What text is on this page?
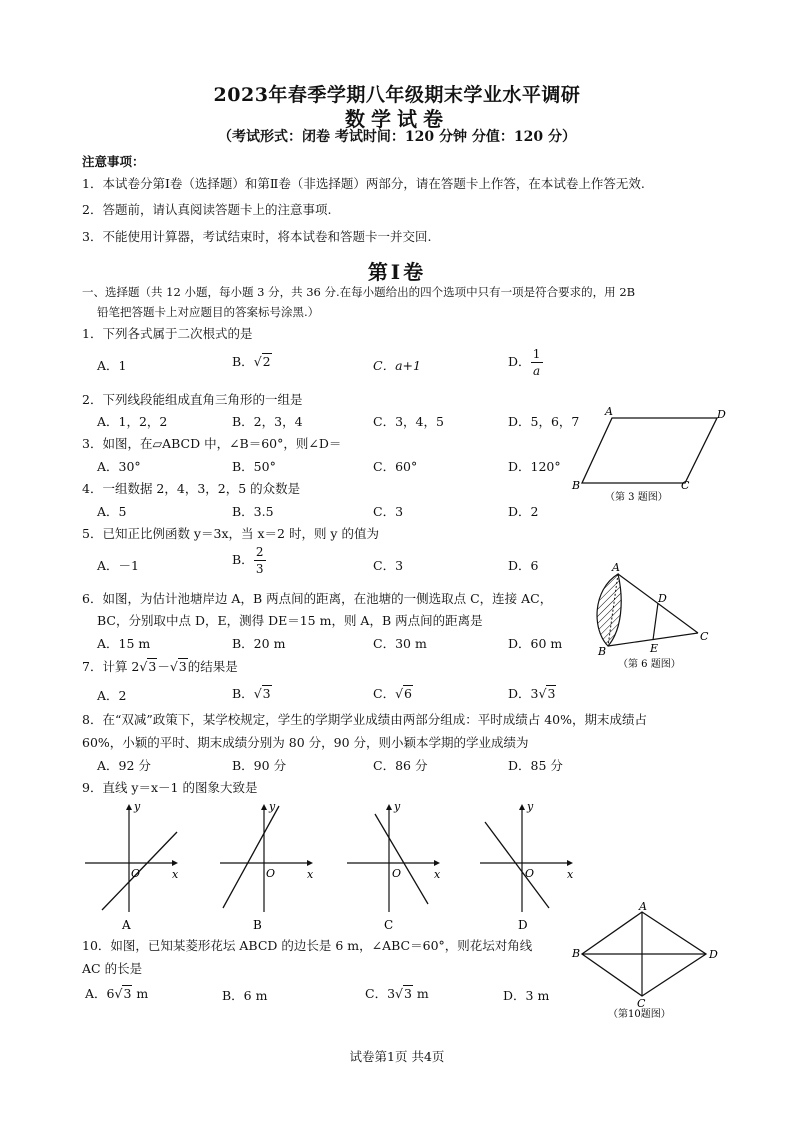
2023年春季学期八年级期末学业水平调研
数学试卷
（考试形式：闭卷 考试时间：120 分钟 分值：120 分）
注意事项：
1．本试卷分第Ⅰ卷（选择题）和第Ⅱ卷（非选择题）两部分，请在答题卡上作答，在本试卷上作答无效.
2．答题前，请认真阅读答题卡上的注意事项.
3．不能使用计算器，考试结束时，将本试卷和答题卡一并交回.
第Ⅰ卷
一、选择题（共 12 小题，每小题 3 分，共 36 分.在每小题给出的四个选项中只有一项是符合要求的，用 2B
铅笔把答题卡上对应题目的答案标号涂黑.）
1．下列各式属于二次根式的是
A．1	B．√2	C．a+1	D． $\frac{1}{a}$
2．下列线段能组成直角三角形的一组是
A．1，2，2	B．2，3，4	C．3，4，5	D．5，6，7
3．如图，在▱ABCD 中，∠B＝60°，则∠D＝
A．30°	B．50°	C．60°	D．120°
A	D
B	C
（第 3 题图）
4．一组数据 2，4，3，2，5 的众数是
A．5	B．3.5	C．3	D．2
5．已知正比例函数 y＝3x，当 x＝2 时，则 y 的值为
A．－1	B． $\frac{2}{3}$	C．3	D．6
6．如图，为估计池塘岸边 A，B 两点间的距离，在池塘的一侧选取点 C，连接 AC，
BC，分别取中点 D，E，测得 DE＝15 m，则 A，B 两点间的距离是
A．15 m	B．20 m	C．30 m	D．60 m
A
B
C
D
E
（第 6 题图）
7．计算 2√3－√3的结果是
A．2	B．√3	C．√6	D．3√3
8．在“双减”政策下，某学校规定，学生的学期学业成绩由两部分组成：平时成绩占 40%，期末成绩占
60%，小颖的平时、期末成绩分别为 80 分，90 分，则小颖本学期的学业成绩为
A．92 分	B．90 分	C．86 分	D．85 分
9．直线 y＝x－1 的图象大致是
y
x
O
A
y
x
O
B
y
x
O
C
y
x
O
D
10．如图，已知某菱形花坛 ABCD 的边长是 6 m，∠ABC＝60°，则花坛对角线
AC 的长是
A．6√3 m	B．6 m	C．3√3 m	D．3 m
A
B
C
D
（第10题图）
试卷第1页 共4页
